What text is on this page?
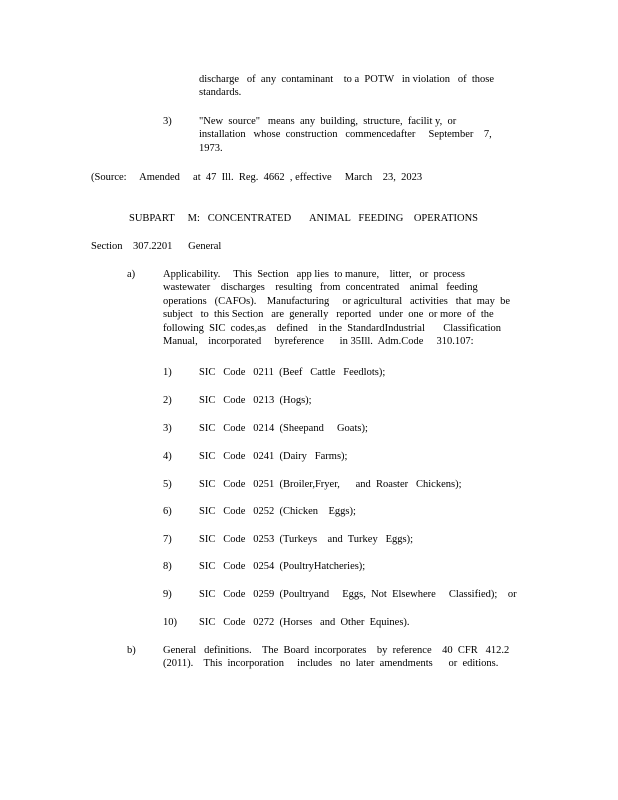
discharge   of  any  contaminant    to a  POTW   in violation   of  those
standards.

3)	"New  source"   means  any  building,  structure,  facilit y,  or
installation   whose  construction   commencedafter     September    7,
1973.

(Source:     Amended     at  47  Ill.  Reg.  4662  , effective     March    23,  2023

SUBPART     M:   CONCENTRATED       ANIMAL   FEEDING    OPERATIONS

Section    307.2201      General

a)	Applicability.     This  Section   app lies  to manure,    litter,   or  process
wastewater    discharges    resulting   from  concentrated    animal   feeding
operations   (CAFOs).    Manufacturing     or agricultural   activities   that  may  be
subject   to  this Section   are  generally   reported   under  one  or more  of  the
following  SIC  codes,as    defined    in the  StandardIndustrial       Classification
Manual,    incorporated     byreference      in 35Ill.  Adm.Code     310.107:

1)	SIC   Code   0211  (Beef   Cattle   Feedlots);

2)	SIC   Code   0213  (Hogs);

3)	SIC   Code   0214  (Sheepand     Goats);

4)	SIC   Code   0241  (Dairy   Farms);

5)	SIC   Code   0251  (Broiler,Fryer,      and  Roaster   Chickens);

6)	SIC   Code   0252  (Chicken    Eggs);

7)	SIC   Code   0253  (Turkeys    and  Turkey   Eggs);

8)	SIC   Code   0254  (PoultryHatcheries);

9)	SIC   Code   0259  (Poultryand     Eggs,  Not  Elsewhere     Classified);    or

10) SIC   Code   0272  (Horses   and  Other  Equines).

b)	General   definitions.    The  Board  incorporates    by  reference    40  CFR   412.2
(2011).    This  incorporation     includes   no  later  amendments      or  editions.
